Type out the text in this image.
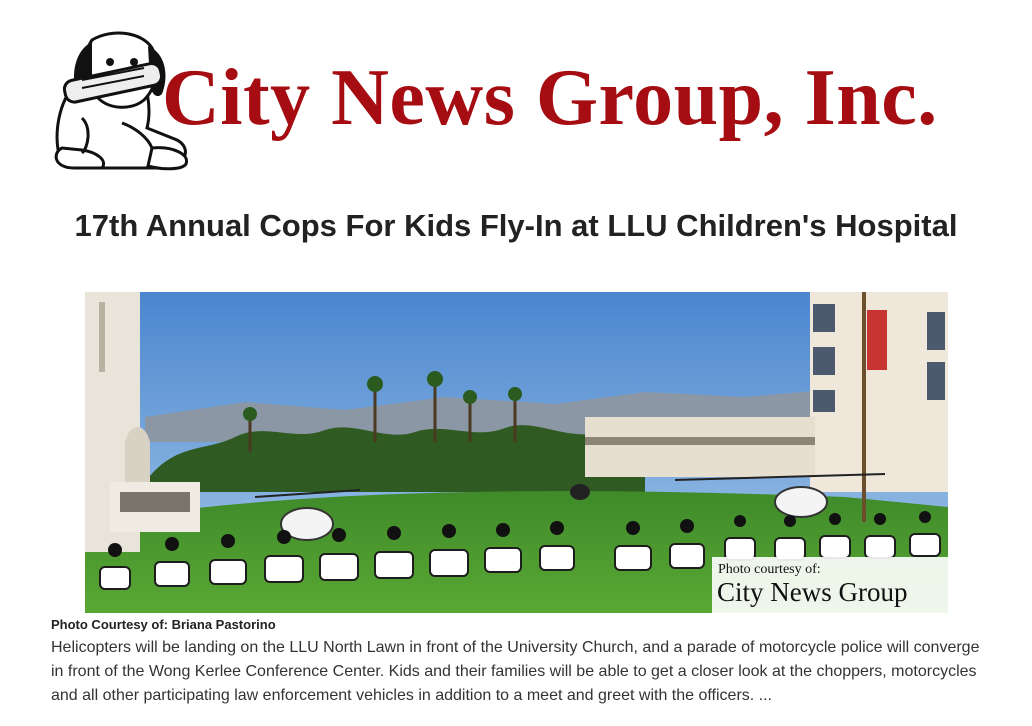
City News Group, Inc.
17th Annual Cops For Kids Fly-In at LLU Children's Hospital
Photo courtesy of:
City News Group
Photo Courtesy of: Briana Pastorino

Helicopters will be landing on the LLU North Lawn in front of the University Church, and a parade of motorcycle police will converge in front of the Wong Kerlee Conference Center. Kids and their families will be able to get a closer look at the choppers, motorcycles and all other participating law enforcement vehicles in addition to a meet and greet with the officers. ...
